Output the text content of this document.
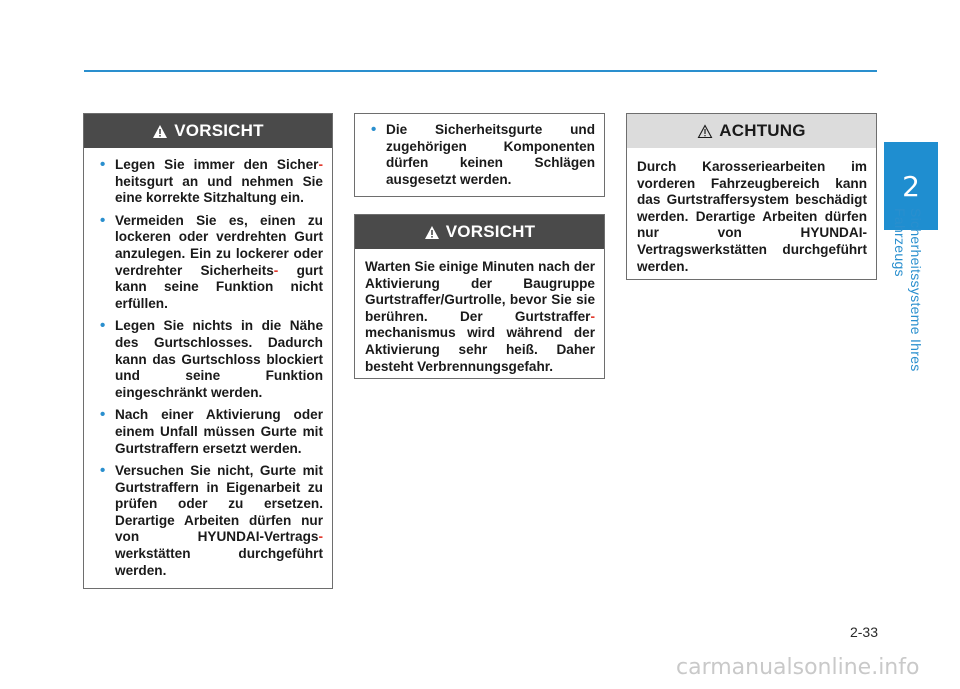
VORSICHT
• Legen Sie immer den Sicher- heitsgurt an und nehmen Sie eine korrekte Sitzhaltung ein.
• Vermeiden Sie es, einen zu lockeren oder verdrehten Gurt anzulegen. Ein zu lockerer oder verdrehter Sicherheits- gurt kann seine Funktion nicht erfüllen.
• Legen Sie nichts in die Nähe des Gurtschlosses. Dadurch kann das Gurtschloss blockiert und seine Funktion eingeschränkt werden.
• Nach einer Aktivierung oder einem Unfall müssen Gurte mit Gurtstraffern ersetzt werden.
• Versuchen Sie nicht, Gurte mit Gurtstraffern in Eigenarbeit zu prüfen oder zu ersetzen. Derartige Arbeiten dürfen nur von HYUNDAI-Vertrags- werkstätten durchgeführt werden.
• Die Sicherheitsgurte und zugehörigen Komponenten dürfen keinen Schlägen ausgesetzt werden.
VORSICHT
Warten Sie einige Minuten nach der Aktivierung der Baugruppe Gurtstraffer/Gurtrolle, bevor Sie sie berühren. Der Gurtstraffer- mechanismus wird während der Aktivierung sehr heiß. Daher besteht Verbrennungsgefahr.
ACHTUNG
Durch Karosseriearbeiten im vorderen Fahrzeugbereich kann das Gurtstraffersystem beschädigt werden. Derartige Arbeiten dürfen nur von HYUNDAI-Vertragswerkstätten durchgeführt werden.
2
Sicherheitssysteme Ihres Fahrzeugs
2-33
carmanualsonline.info
